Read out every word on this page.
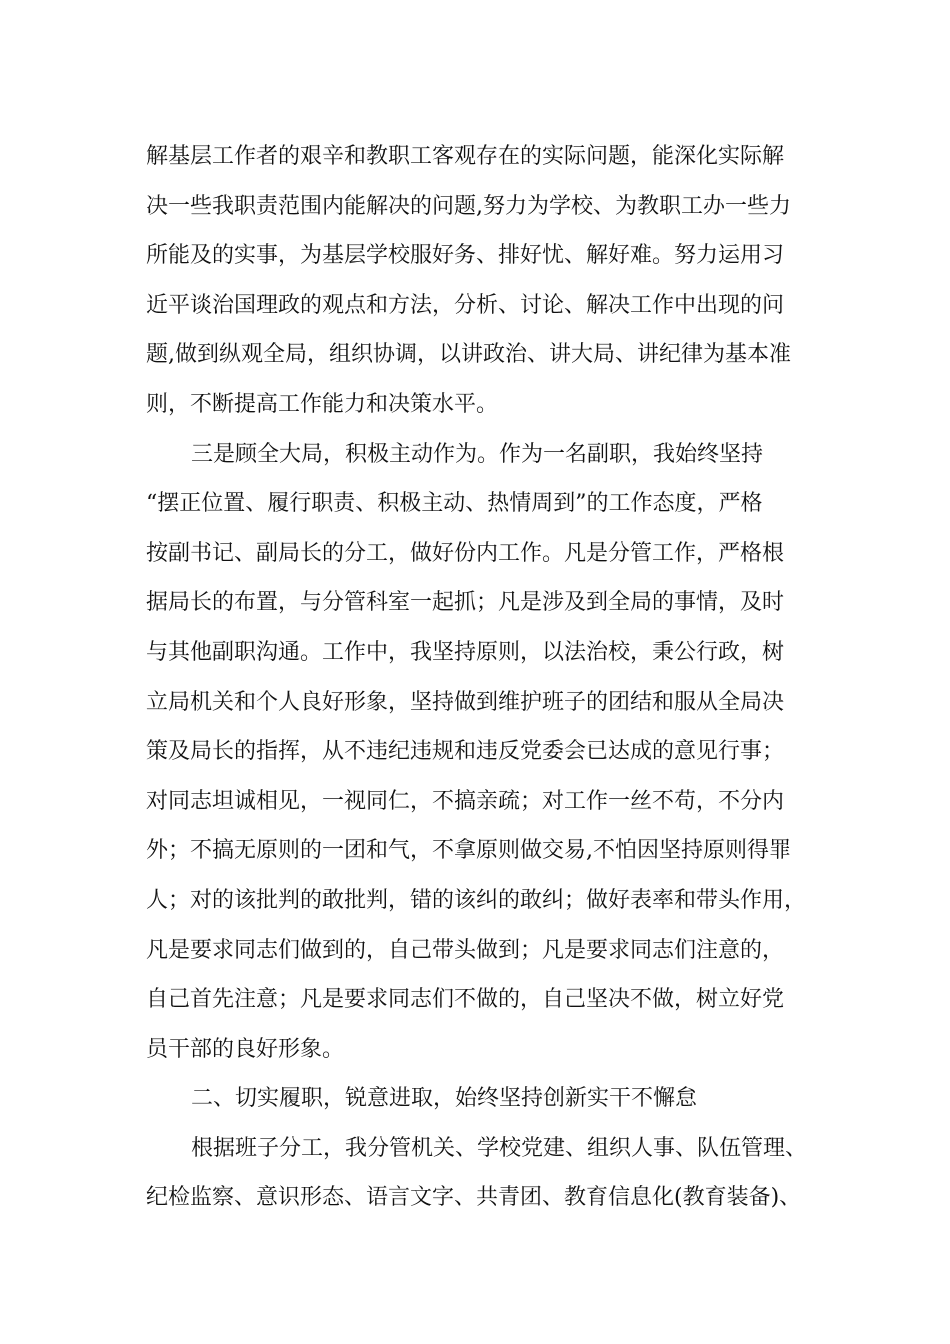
解基层工作者的艰辛和教职工客观存在的实际问题，能深化实际解
决一些我职责范围内能解决的问题,努力为学校、为教职工办一些力
所能及的实事，为基层学校服好务、排好忧、解好难。努力运用习
近平谈治国理政的观点和方法，分析、讨论、解决工作中出现的问
题,做到纵观全局，组织协调，以讲政治、讲大局、讲纪律为基本准
则，不断提高工作能力和决策水平。
三是顾全大局，积极主动作为。作为一名副职，我始终坚持
“摆正位置、履行职责、积极主动、热情周到”的工作态度，严格
按副书记、副局长的分工，做好份内工作。凡是分管工作，严格根
据局长的布置，与分管科室一起抓；凡是涉及到全局的事情，及时
与其他副职沟通。工作中，我坚持原则，以法治校，秉公行政，树
立局机关和个人良好形象，坚持做到维护班子的团结和服从全局决
策及局长的指挥，从不违纪违规和违反党委会已达成的意见行事；
对同志坦诚相见，一视同仁，不搞亲疏；对工作一丝不苟，不分内
外；不搞无原则的一团和气，不拿原则做交易,不怕因坚持原则得罪
人；对的该批判的敢批判，错的该纠的敢纠；做好表率和带头作用，
凡是要求同志们做到的，自己带头做到；凡是要求同志们注意的，
自己首先注意；凡是要求同志们不做的，自己坚决不做，树立好党
员干部的良好形象。
二、切实履职，锐意进取，始终坚持创新实干不懈怠
根据班子分工，我分管机关、学校党建、组织人事、队伍管理、
纪检监察、意识形态、语言文字、共青团、教育信息化(教育装备)、
